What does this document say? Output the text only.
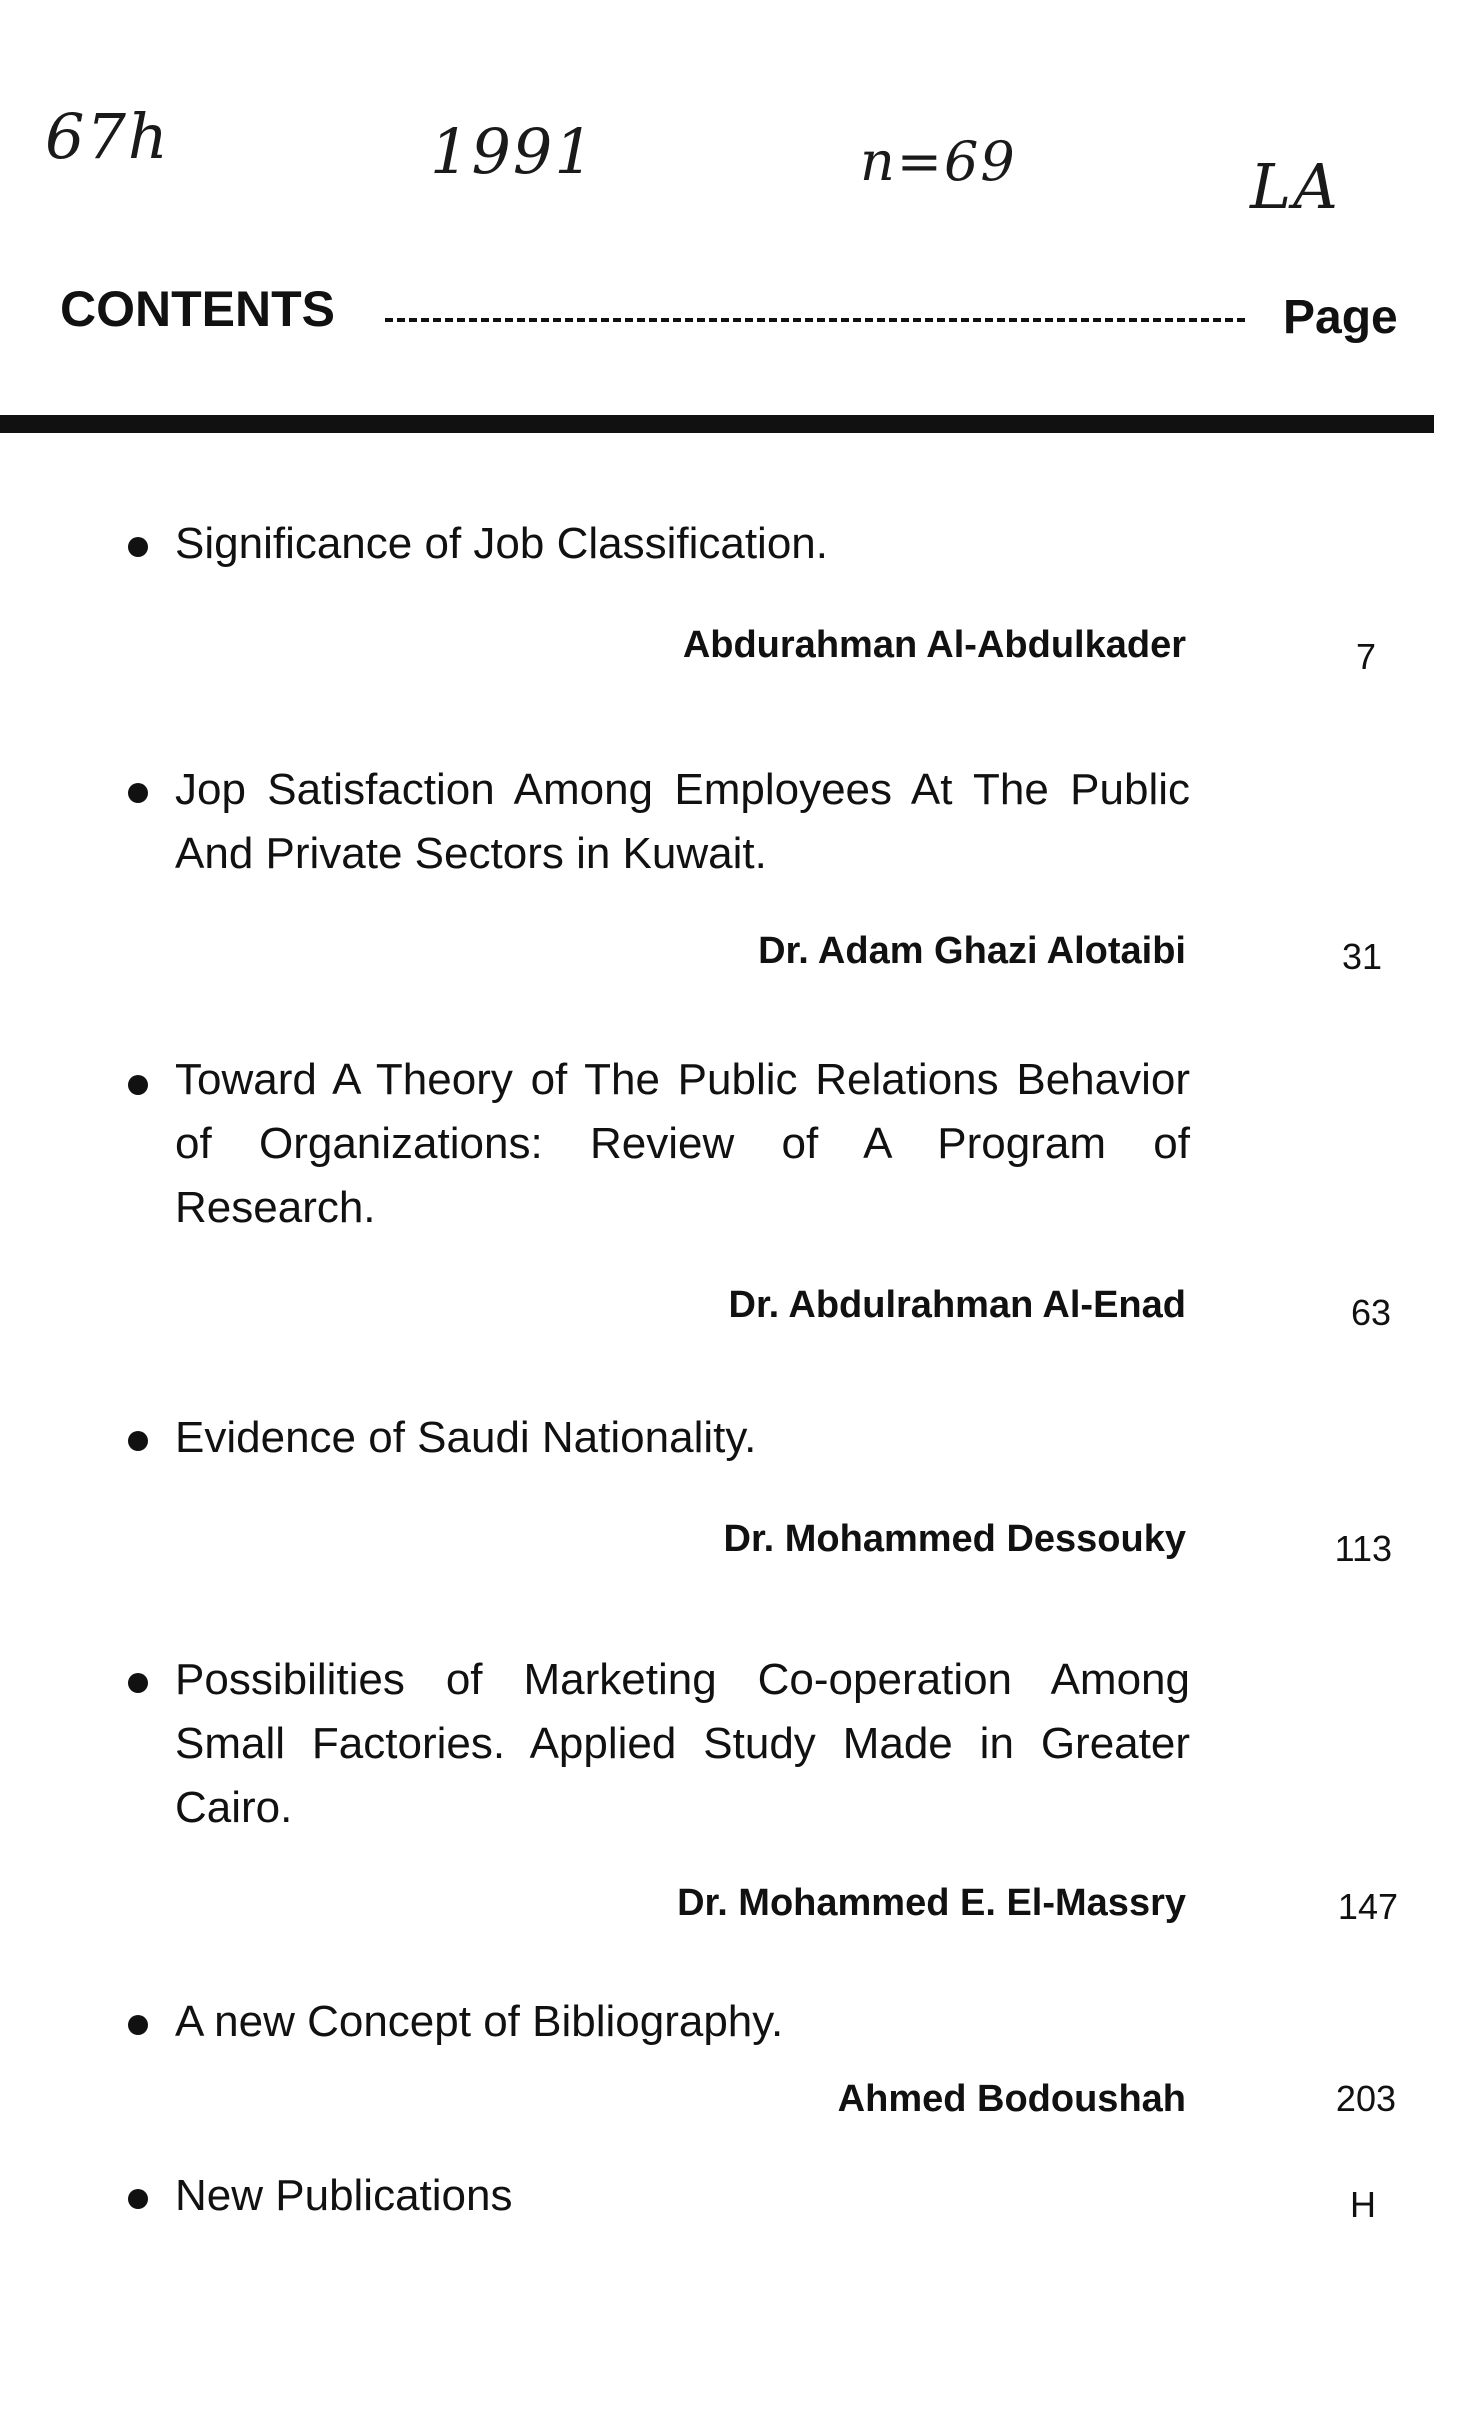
67h	1991	n=69	LA
CONTENTS	Page
Significance of Job Classification.
Abdurahman Al-Abdulkader	7
Jop Satisfaction Among Employees At The Public And Private Sectors in Kuwait.
Dr. Adam Ghazi Alotaibi	31
Toward A Theory of The Public Relations Behavior of Organizations: Review of A Program of Research.
Dr. Abdulrahman Al-Enad	63
Evidence of Saudi Nationality.
Dr. Mohammed Dessouky	113
Possibilities of Marketing Co-operation Among Small Factories. Applied Study Made in Greater Cairo.
Dr. Mohammed E. El-Massry	147
A new Concept of Bibliography.
Ahmed Bodoushah	203
New Publications	H
